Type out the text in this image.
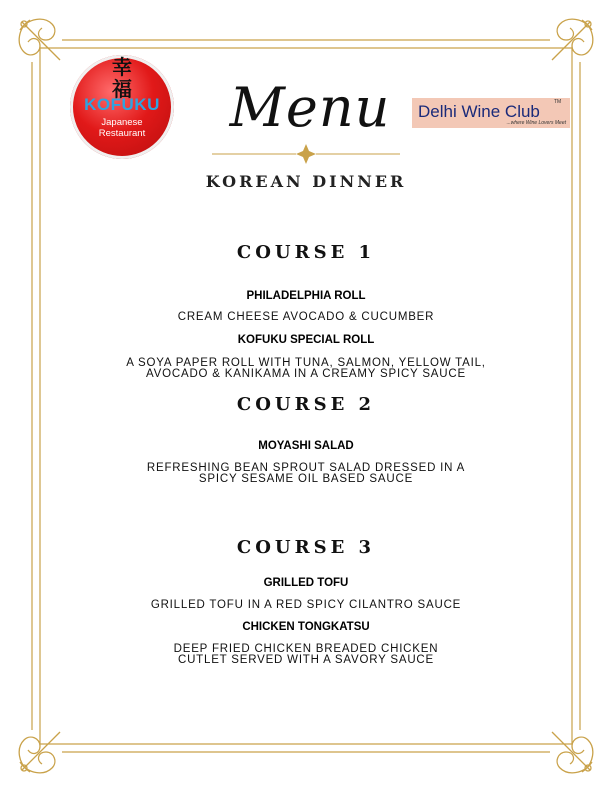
幸
福
KOFUKU
Japanese
Restaurant	Menu	Delhi Wine Club	TM
...where Wine Lovers Meet
KOREAN DINNER
COURSE 1
PHILADELPHIA ROLL
CREAM CHEESE AVOCADO & CUCUMBER
KOFUKU SPECIAL ROLL
A SOYA PAPER ROLL WITH TUNA, SALMON, YELLOW TAIL,
AVOCADO & KANIKAMA IN A CREAMY SPICY SAUCE
COURSE 2
MOYASHI SALAD
REFRESHING BEAN SPROUT SALAD DRESSED IN A
SPICY SESAME OIL BASED SAUCE
COURSE 3
GRILLED TOFU
GRILLED TOFU IN A RED SPICY CILANTRO SAUCE
CHICKEN TONGKATSU
DEEP FRIED CHICKEN BREADED CHICKEN
CUTLET SERVED WITH A SAVORY SAUCE
